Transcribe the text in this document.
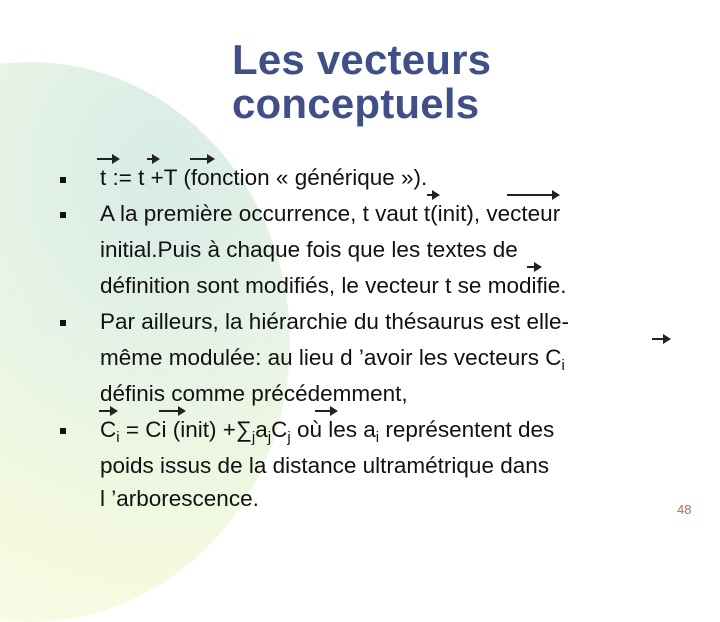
Les vecteurs
conceptuels
t := t +T (fonction « générique »).
A la première occurrence, t vaut t(init), vecteur
initial.Puis à chaque fois que les textes de
définition sont modifiés, le vecteur t se modifie.
Par ailleurs, la hiérarchie du thésaurus est elle-
même modulée: au lieu d ’avoir les vecteurs $C_i$
définis comme précédemment,
$C_i = Ci$ (init) $+\sum_ja_jC_j$ où les $a_i$ représentent des
poids issus de la distance ultramétrique dans
l ’arborescence.	48
